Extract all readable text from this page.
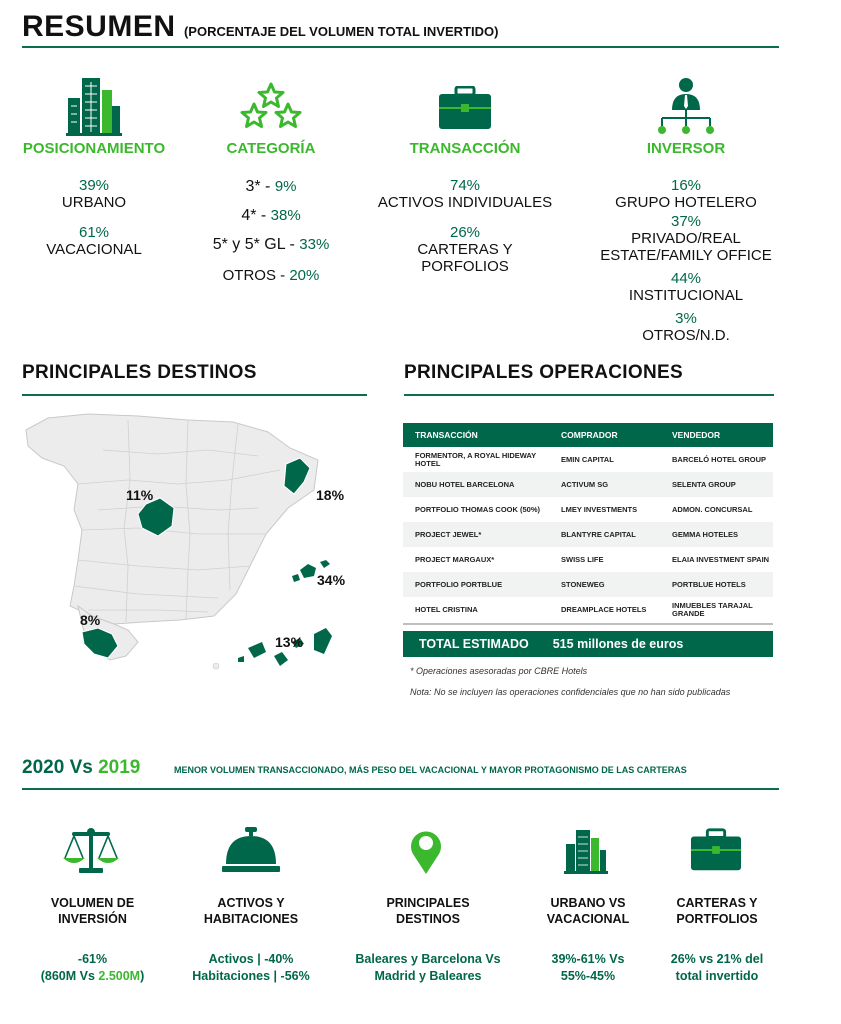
RESUMEN (PORCENTAJE DEL VOLUMEN TOTAL INVERTIDO)
POSICIONAMIENTO
39%
URBANO
61%
VACACIONAL
CATEGORÍA
3* - 9%
4* - 38%
5* y 5* GL - 33%
OTROS - 20%
TRANSACCIÓN
74%
ACTIVOS INDIVIDUALES
26%
CARTERAS Y PORFOLIOS
INVERSOR
16%
GRUPO HOTELERO
37%
PRIVADO/REAL
ESTATE/FAMILY OFFICE
44%
INSTITUCIONAL
3%
OTROS/N.D.
PRINCIPALES DESTINOS
11%	18%
34%
8%
13%
PRINCIPALES OPERACIONES
TRANSACCIÓN	COMPRADOR	VENDEDOR
FORMENTOR, A ROYAL HIDEWAY HOTEL	EMIN CAPITAL	BARCELÓ HOTEL GROUP
NOBU HOTEL BARCELONA	ACTIVUM SG	SELENTA GROUP
PORTFOLIO THOMAS COOK (50%)	LMEY INVESTMENTS	ADMON. CONCURSAL
PROJECT JEWEL*	BLANTYRE CAPITAL	GEMMA HOTELES
PROJECT MARGAUX*	SWISS LIFE	ELAIA INVESTMENT SPAIN
PORTFOLIO PORTBLUE	STONEWEG	PORTBLUE HOTELS
HOTEL CRISTINA	DREAMPLACE HOTELS	INMUEBLES TARAJAL GRANDE
TOTAL ESTIMADO 515 millones de euros
* Operaciones asesoradas por CBRE Hotels
Nota: No se incluyen las operaciones confidenciales que no han sido publicadas
2020 Vs 2019	MENOR VOLUMEN TRANSACCIONADO, MÁS PESO DEL VACACIONAL Y MAYOR PROTAGONISMO DE LAS CARTERAS
VOLUMEN DE
INVERSIÓN
-61%
(860M Vs 2.500M)
ACTIVOS Y
HABITACIONES
Activos | -40%
Habitaciones | -56%
PRINCIPALES
DESTINOS
Baleares y Barcelona Vs
Madrid y Baleares
URBANO VS
VACACIONAL
39%-61% Vs
55%-45%
CARTERAS Y
PORTFOLIOS
26% vs 21% del
total invertido
